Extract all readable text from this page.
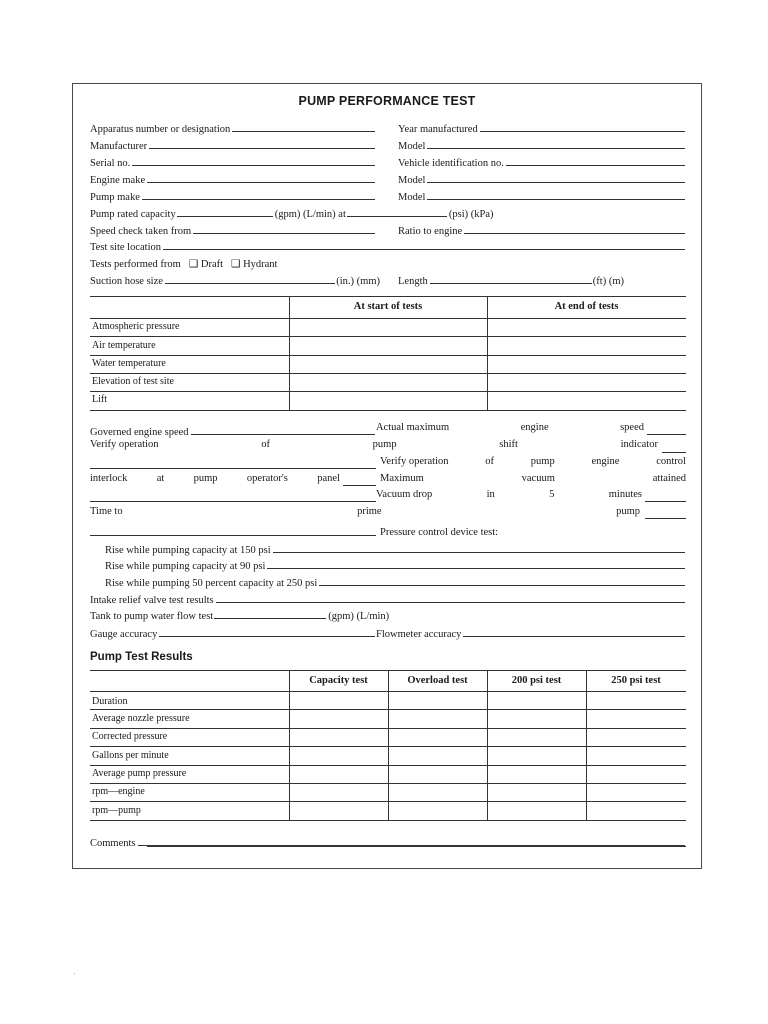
PUMP PERFORMANCE TEST
Apparatus number or designation	Year manufactured
Manufacturer	Model
Serial no.	Vehicle identification no.
Engine make	Model
Pump make	Model
Pump rated capacity	(gpm) (L/min) at	(psi) (kPa)
Speed check taken from	Ratio to engine
Test site location
Tests performed from ❑ Draft ❑ Hydrant
Suction hose size	(in.) (mm) Length	(ft) (m)
At start of tests	At end of tests
Atmospheric pressure
Air temperature
Water temperature
Elevation of test site
Lift
Governed engine speed	Actual maximum	engine	speed
Verify operation	of	pump	shift	indicator
Verify operation	of	pump	engine	control
interlock	at	pump	operator's	panel	Maximum	vacuum	attained
Vacuum drop	in	5	minutes
Time to	prime	pump
Pressure control device test:
Rise while pumping capacity at 150 psi
Rise while pumping capacity at 90 psi
Rise while pumping 50 percent capacity at 250 psi
Intake relief valve test results
Tank to pump water flow test	(gpm) (L/min)
Gauge accuracy	Flowmeter accuracy
Pump Test Results
Capacity test	Overload test	200 psi test	250 psi test
Duration
Average nozzle pressure
Corrected pressure
Gallons per minute
Average pump pressure
rpm—engine
rpm—pump
Comments
